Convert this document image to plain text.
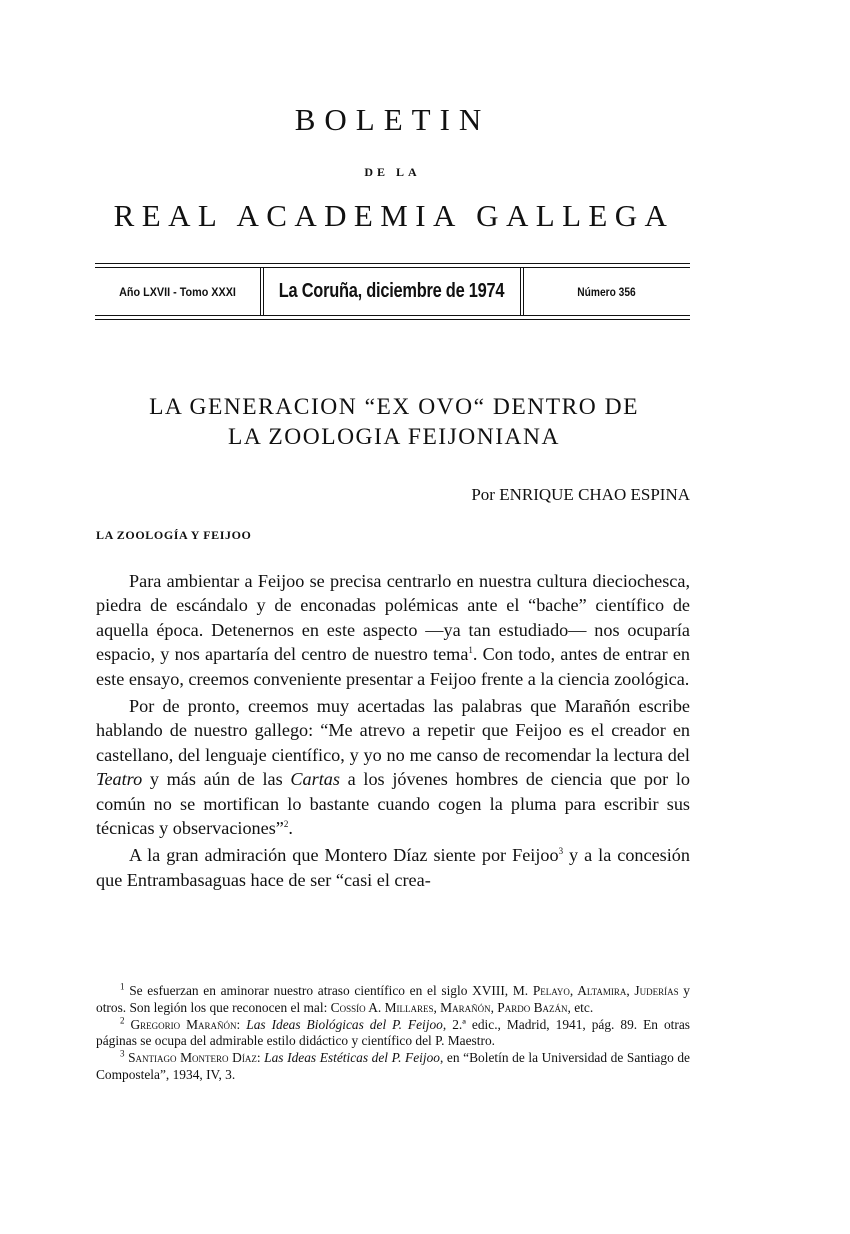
BOLETIN
DE LA
REAL ACADEMIA GALLEGA
Año LXVII - Tomo XXXI	La Coruña, diciembre de 1974	Número 356
LA GENERACION “EX OVO“ DENTRO DE
LA ZOOLOGIA FEIJONIANA
Por ENRIQUE CHAO ESPINA
LA ZOOLOGÍA Y FEIJOO

Para ambientar a Feijoo se precisa centrarlo en nuestra cultura dieciochesca, piedra de escándalo y de enconadas polémicas ante el “bache” científico de aquella época. Detenernos en este aspecto —ya tan estudiado— nos ocuparía espacio, y nos apartaría del centro de nuestro tema$^1$. Con todo, antes de entrar en este ensayo, creemos conveniente presentar a Feijoo frente a la ciencia zoológica.

Por de pronto, creemos muy acertadas las palabras que Marañón escribe hablando de nuestro gallego: “Me atrevo a repetir que Feijoo es el creador en castellano, del lenguaje científico, y yo no me canso de recomendar la lectura del Teatro y más aún de las Cartas a los jóvenes hombres de ciencia que por lo común no se mortifican lo bastante cuando cogen la pluma para escribir sus técnicas y observaciones”$^2$.

A la gran admiración que Montero Díaz siente por Feijoo$^3$ y a la concesión que Entrambasaguas hace de ser “casi el crea-

$^1$ Se esfuerzan en aminorar nuestro atraso científico en el siglo XVIII, M. Pelayo, Altamira, Juderías y otros. Son legión los que reconocen el mal: Cossío A. Millares, Marañón, Pardo Bazán, etc.

$^2$ Gregorio Marañón: Las Ideas Biológicas del P. Feijoo, 2.ª edic., Madrid, 1941, pág. 89. En otras páginas se ocupa del admirable estilo didáctico y científico del P. Maestro.

$^3$ Santiago Montero Díaz: Las Ideas Estéticas del P. Feijoo, en “Boletín de la Universidad de Santiago de Compostela”, 1934, IV, 3.
